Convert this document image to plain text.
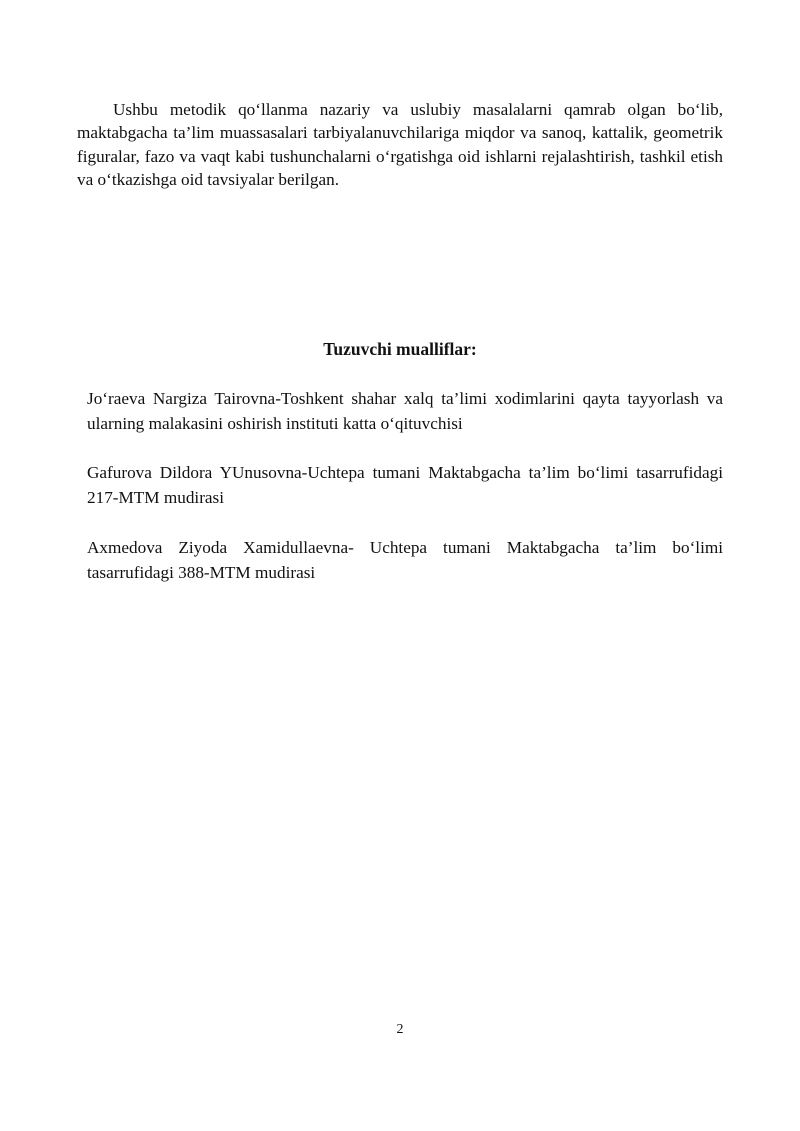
Ushbu metodik qo‘llanma nazariy va uslubiy masalalarni qamrab olgan bo‘lib, maktabgacha ta’lim muassasalari tarbiyalanuvchilariga miqdor va sanoq, kattalik, geometrik figuralar, fazo va vaqt kabi tushunchalarni o‘rgatishga oid ishlarni rejalashtirish, tashkil etish va o‘tkazishga oid tavsiyalar berilgan.

Tuzuvchi mualliflar:

Jo‘raeva Nargiza Tairovna-Toshkent shahar xalq ta’limi xodimlarini qayta tayyorlash va ularning malakasini oshirish instituti katta o‘qituvchisi

Gafurova Dildora YUnusovna-Uchtepa tumani Maktabgacha ta’lim bo‘limi tasarrufidagi 217-MTM mudirasi

Axmedova Ziyoda Xamidullaevna- Uchtepa tumani Maktabgacha ta’lim bo‘limi tasarrufidagi 388-MTM mudirasi

2
